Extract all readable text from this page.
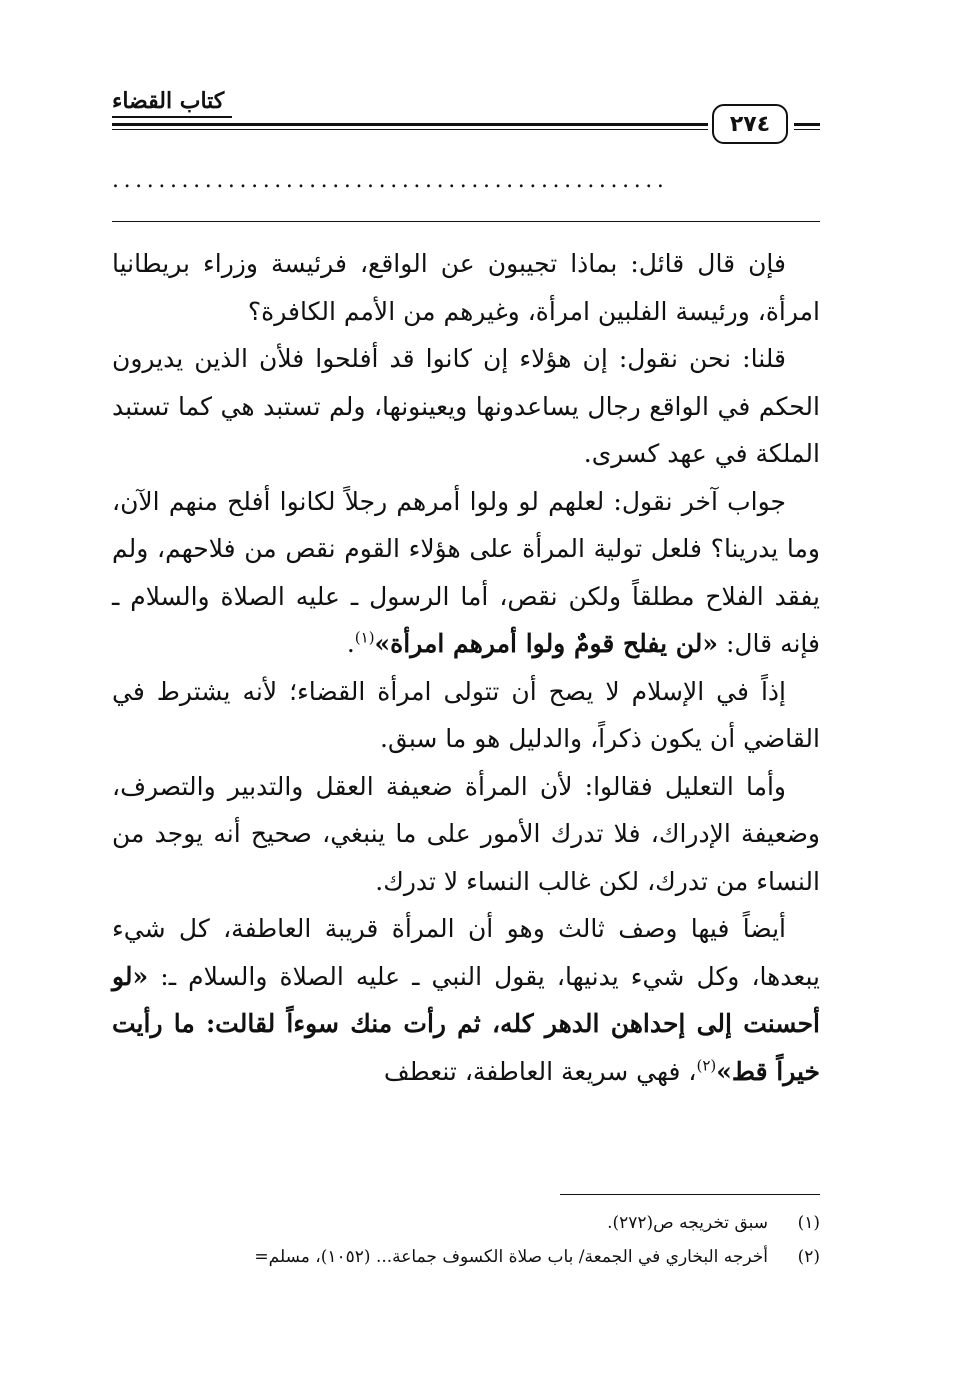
كتاب القضاء
٢٧٤
................................................

فإن قال قائل: بماذا تجيبون عن الواقع، فرئيسة وزراء بريطانيا امرأة، ورئيسة الفلبين امرأة، وغيرهم من الأمم الكافرة؟

قلنا: نحن نقول: إن هؤلاء إن كانوا قد أفلحوا فلأن الذين يديرون الحكم في الواقع رجال يساعدونها ويعينونها، ولم تستبد هي كما تستبد الملكة في عهد كسرى.

جواب آخر نقول: لعلهم لو ولوا أمرهم رجلاً لكانوا أفلح منهم الآن، وما يدرينا؟ فلعل تولية المرأة على هؤلاء القوم نقص من فلاحهم، ولم يفقد الفلاح مطلقاً ولكن نقص، أما الرسول ـ عليه الصلاة والسلام ـ فإنه قال: «لن يفلح قومٌ ولوا أمرهم امرأة»$^{(١)}$.

إذاً في الإسلام لا يصح أن تتولى امرأة القضاء؛ لأنه يشترط في القاضي أن يكون ذكراً، والدليل هو ما سبق.

وأما التعليل فقالوا: لأن المرأة ضعيفة العقل والتدبير والتصرف، وضعيفة الإدراك، فلا تدرك الأمور على ما ينبغي، صحيح أنه يوجد من النساء من تدرك، لكن غالب النساء لا تدرك.

أيضاً فيها وصف ثالث وهو أن المرأة قريبة العاطفة، كل شيء يبعدها، وكل شيء يدنيها، يقول النبي ـ عليه الصلاة والسلام ـ: «لو أحسنت إلى إحداهن الدهر كله، ثم رأت منك سوءاً لقالت: ما رأيت خيراً قط»$^{(٢)}$، فهي سريعة العاطفة، تنعطف

(١)
سبق تخريجه ص(٢٧٢).
(٢)
أخرجه البخاري في الجمعة/ باب صلاة الكسوف جماعة... (١٠٥٢)، مسلم=
